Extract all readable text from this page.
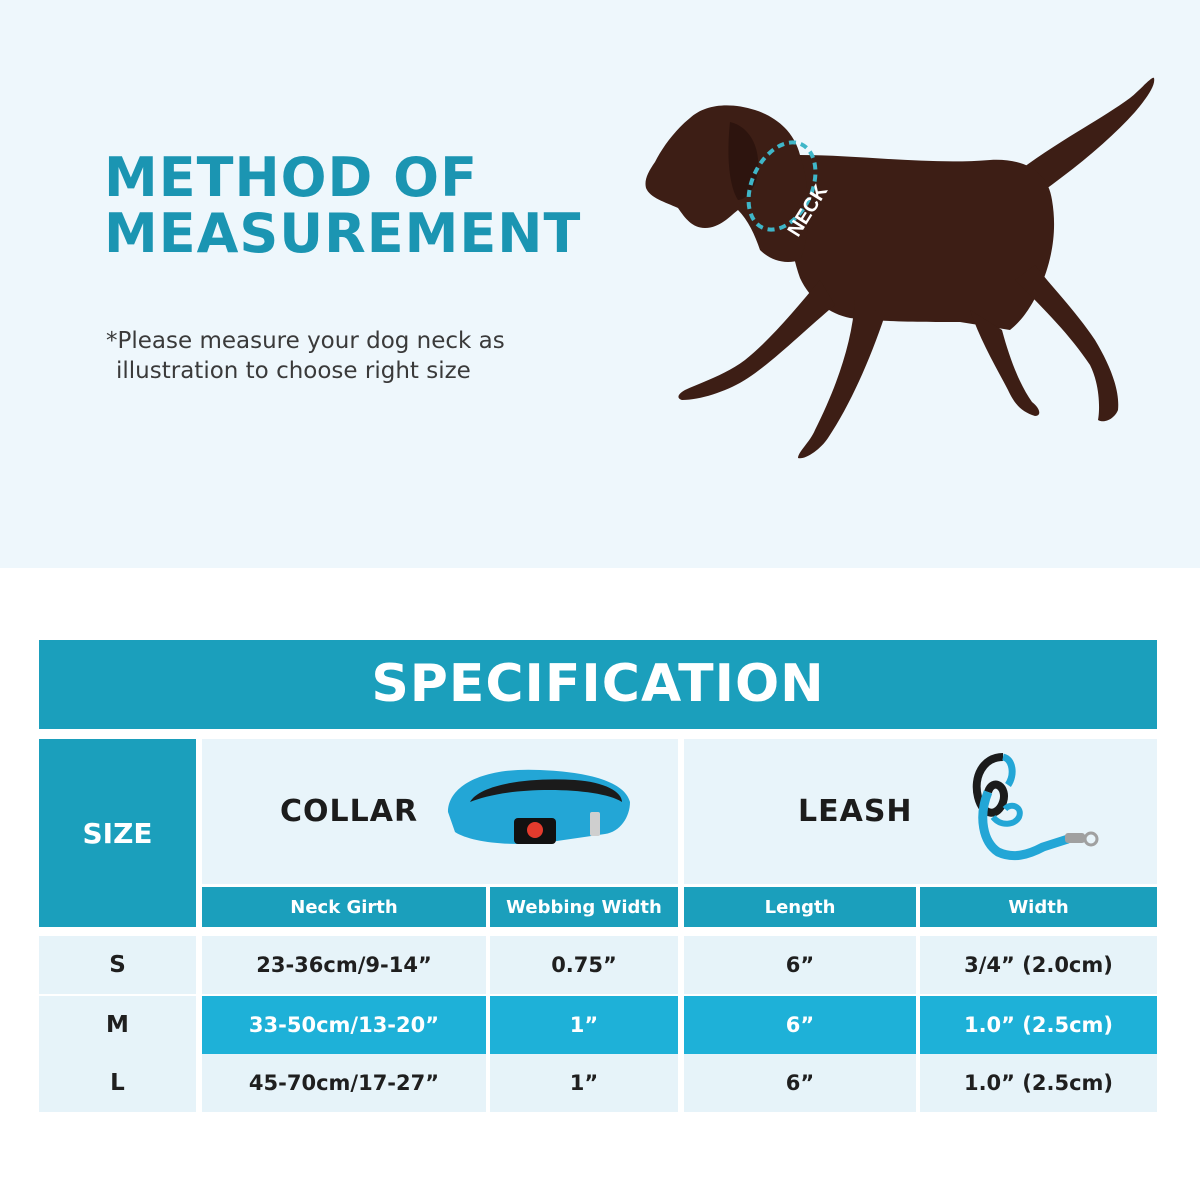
METHOD OF
MEASUREMENT

*Please measure your dog neck as
illustration to choose right size

NECK
SPECIFICATION
SIZE
COLLAR	LEASH
Neck Girth	Webbing Width	Length	Width
S	23-36cm/9-14”	0.75”	6”	3/4” (2.0cm)
M	33-50cm/13-20”	1”	6”	1.0” (2.5cm)
L	45-70cm/17-27”	1”	6”	1.0” (2.5cm)
